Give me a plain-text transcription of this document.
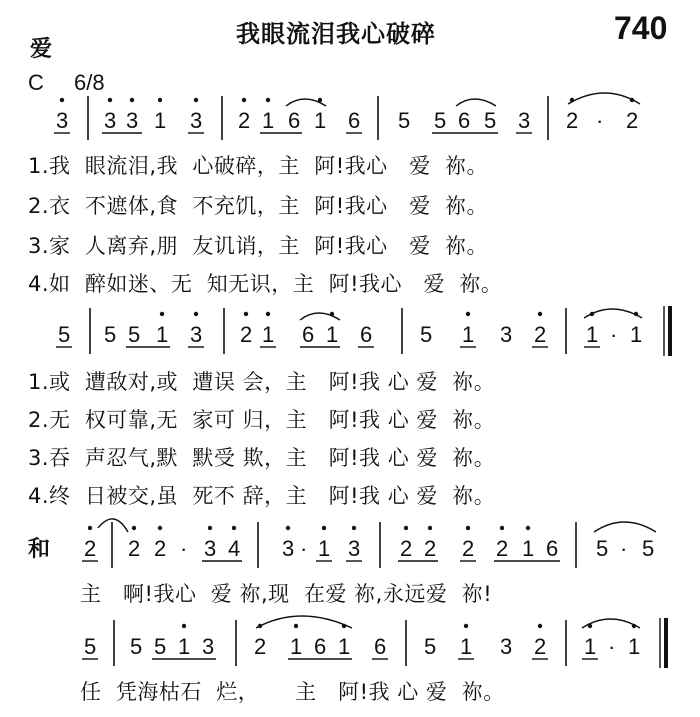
爱
我眼流泪我心破碎	740
C 6/8
3 3 3 1 3 2 1 6 1 6 5 5 6 5 3 2 · 2
5 5 5 1 3 2 1 6 1 6 5 1 3 2 1 · 1
2 2 2 · 3 4 3 · 1 3 2 2 2 2 1 6 5 · 5
5 5 5 1 3 2 1 6 1 6 5 1 3 2 1 · 1
和
1.我  眼流泪,我  心破碎，主  阿!我心   爱  祢。
2.衣  不遮体,食  不充饥，主  阿!我心   爱  祢。
3.家  人离弃,朋  友讥诮，主  阿!我心   爱  祢。
4.如  醉如迷、无  知无识，主  阿!我心   爱  祢。
1.或  遭敌对,或  遭误 会，主   阿!我 心 爱  祢。
2.无  权可靠,无  家可 归，主   阿!我 心 爱  祢。
3.吞  声忍气,默  默受 欺，主   阿!我 心 爱  祢。
4.终  日被交,虽  死不 辞，主   阿!我 心 爱  祢。
主   啊!我心  爱 祢,现  在爱 祢,永远爱  祢!
任  凭海枯石  烂，     主   阿!我 心 爱  祢。
